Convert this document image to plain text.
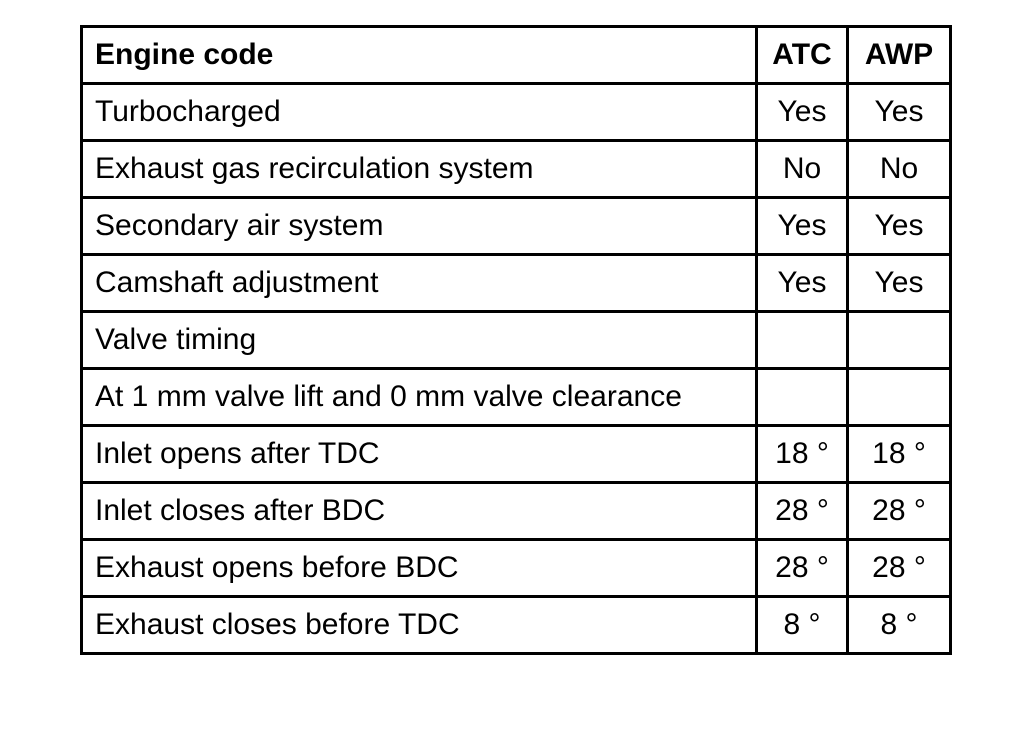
Engine code	ATC	AWP
Turbocharged	Yes	Yes
Exhaust gas recirculation system	No	No
Secondary air system	Yes	Yes
Camshaft adjustment	Yes	Yes
Valve timing		
At 1 mm valve lift and 0 mm valve clearance		
Inlet opens after TDC	18 °	18 °
Inlet closes after BDC	28 °	28 °
Exhaust opens before BDC	28 °	28 °
Exhaust closes before TDC	8 °	8 °
